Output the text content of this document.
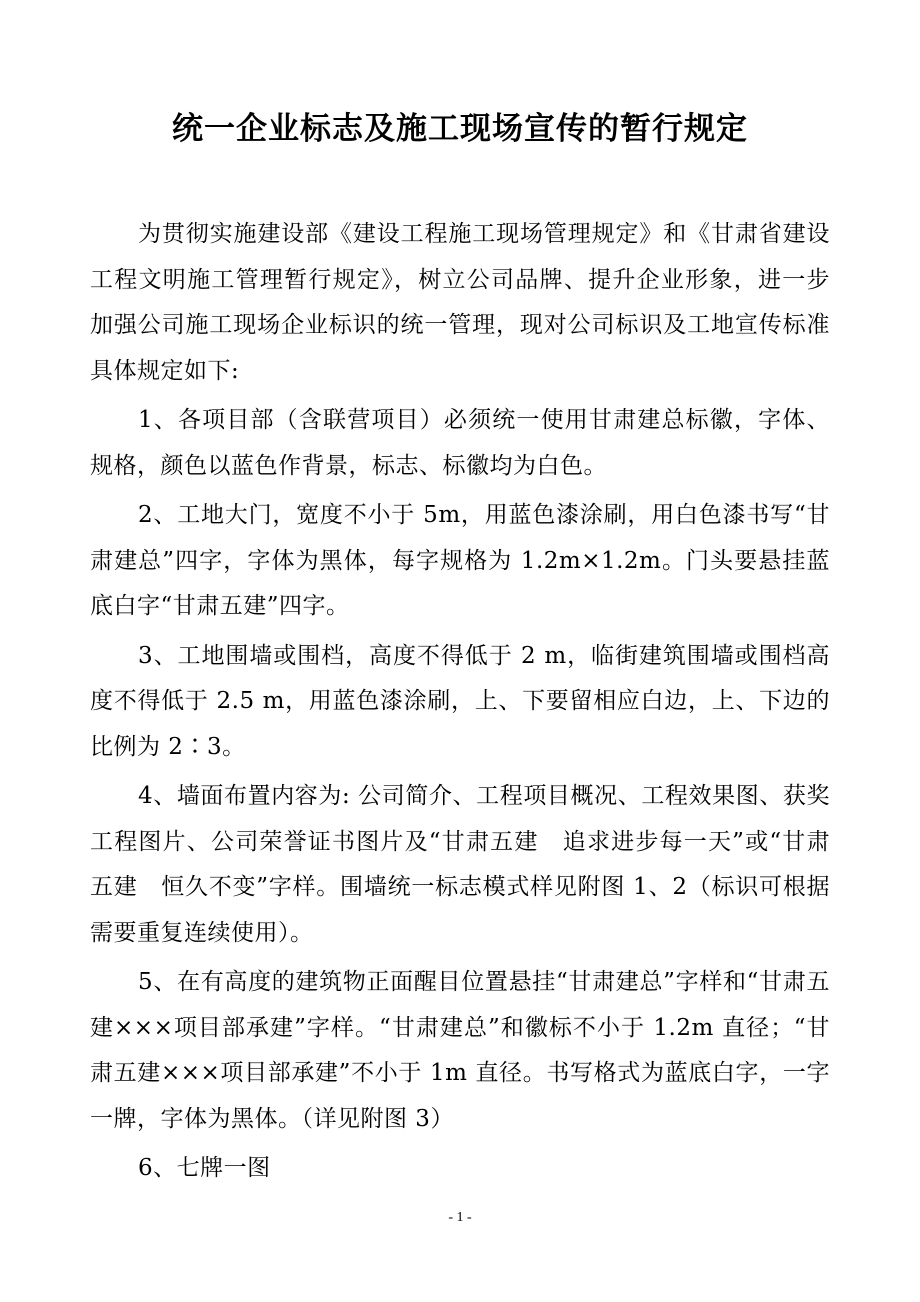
统一企业标志及施工现场宣传的暂行规定

为贯彻实施建设部《建设工程施工现场管理规定》和《甘肃省建设工程文明施工管理暂行规定》，树立公司品牌、提升企业形象，进一步加强公司施工现场企业标识的统一管理，现对公司标识及工地宣传标准具体规定如下:

1、各项目部（含联营项目）必须统一使用甘肃建总标徽，字体、规格，颜色以蓝色作背景，标志、标徽均为白色。

2、工地大门，宽度不小于 5m，用蓝色漆涂刷，用白色漆书写“甘肃建总”四字，字体为黑体，每字规格为 1.2m×1.2m。门头要悬挂蓝底白字“甘肃五建”四字。

3、工地围墙或围档，高度不得低于 2 m，临街建筑围墙或围档高度不得低于 2.5 m，用蓝色漆涂刷，上、下要留相应白边，上、下边的比例为 2∶3。

4、墙面布置内容为: 公司简介、工程项目概况、工程效果图、获奖工程图片、公司荣誉证书图片及“甘肃五建　追求进步每一天”或“甘肃五建　恒久不变”字样。围墙统一标志模式样见附图 1、2（标识可根据需要重复连续使用）。

5、在有高度的建筑物正面醒目位置悬挂“甘肃建总”字样和“甘肃五建×××项目部承建”字样。“甘肃建总”和徽标不小于 1.2m 直径；“甘肃五建×××项目部承建”不小于 1m 直径。书写格式为蓝底白字，一字一牌，字体为黑体。（详见附图 3）

6、七牌一图

- 1 -
